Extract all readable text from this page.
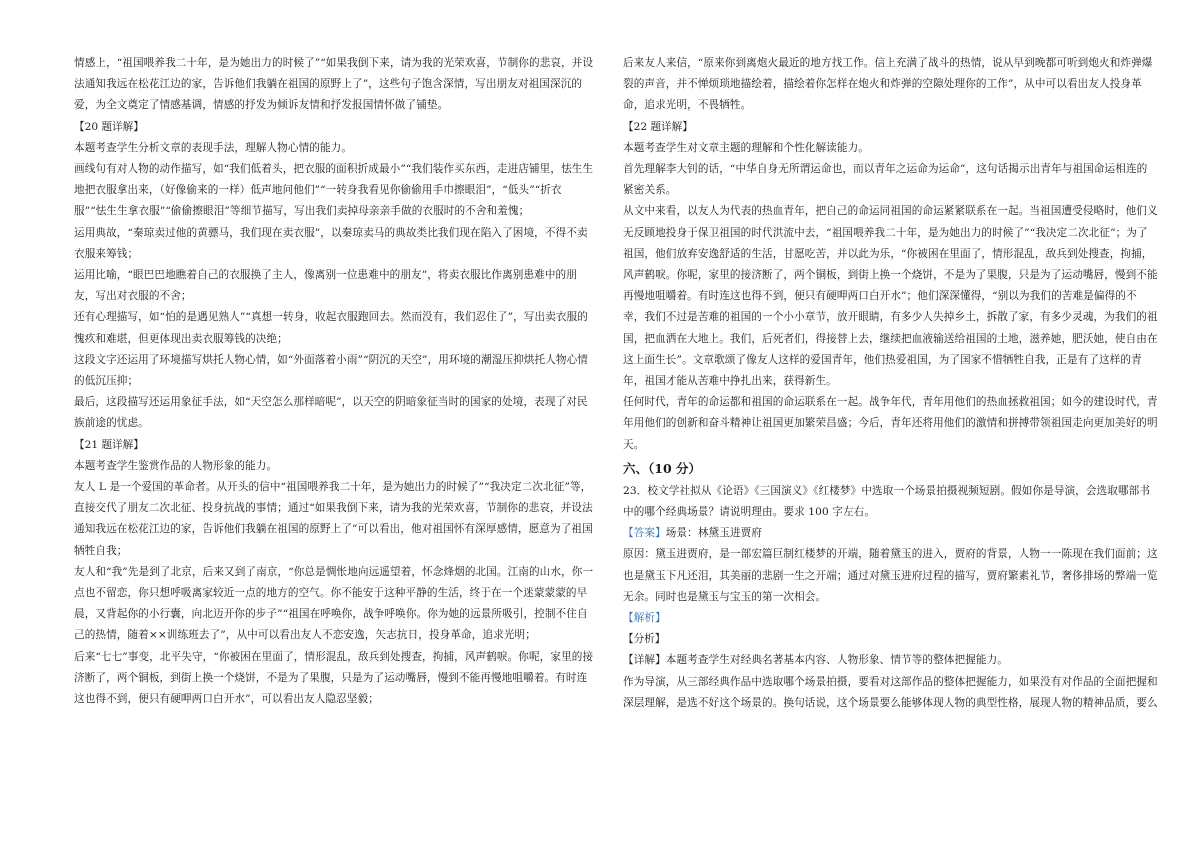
情感上，“祖国喂养我二十年，是为她出力的时候了”“如果我倒下来，请为我的光荣欢喜，节制你的悲哀，并设法通知我远在松花江边的家，告诉他们我躺在祖国的原野上了”，这些句子饱含深情，写出朋友对祖国深沉的爱，为全文奠定了情感基调，情感的抒发为倾诉友情和抒发报国情怀做了铺垫。

【20 题详解】

本题考查学生分析文章的表现手法，理解人物心情的能力。

画线句有对人物的动作描写，如“我们低着头，把衣服的面积折成最小”“我们装作买东西，走进店铺里，怯生生地把衣服拿出来，（好像偷来的一样）低声地问他们”“一转身我看见你偷偷用手巾擦眼泪”，“低头”“折衣服”“怯生生拿衣服”“偷偷擦眼泪”等细节描写，写出我们卖掉母亲亲手做的衣服时的不舍和羞愧；

运用典故，“秦琼卖过他的黄骠马，我们现在卖衣服”，以秦琼卖马的典故类比我们现在陷入了困境，不得不卖衣服来筹钱；

运用比喻，“眼巴巴地瞧着自己的衣服换了主人，像离别一位患难中的朋友”，将卖衣服比作离别患难中的朋友，写出对衣服的不舍；

还有心理描写，如“怕的是遇见熟人”“真想一转身，收起衣服跑回去。然而没有，我们忍住了”，写出卖衣服的愧疚和难堪，但更体现出卖衣服筹钱的决绝；

这段文字还运用了环境描写烘托人物心情，如“外面落着小雨”“阴沉的天空”，用环境的潮湿压抑烘托人物心情的低沉压抑；

最后，这段描写还运用象征手法，如“天空怎么那样暗呢”，以天空的阴暗象征当时的国家的处境，表现了对民族前途的忧虑。

【21 题详解】

本题考查学生鉴赏作品的人物形象的能力。

友人 L 是一个爱国的革命者。从开头的信中“祖国喂养我二十年，是为她出力的时候了”“我决定二次北征”等，直接交代了朋友二次北征、投身抗战的事情；通过“如果我倒下来，请为我的光荣欢喜，节制你的悲哀，并设法通知我远在松花江边的家，告诉他们我躺在祖国的原野上了”可以看出，他对祖国怀有深厚感情，愿意为了祖国牺牲自我；

友人和“我”先是到了北京，后来又到了南京，“你总是惆怅地向远遥望着，怀念烽烟的北国。江南的山水，你一点也不留恋，你只想呼吸离家较近一点的地方的空气。你不能安于这种平静的生活，终于在一个迷蒙蒙蒙的早晨，又背起你的小行囊，向北迈开你的步子”“祖国在呼唤你，战争呼唤你。你为她的远景所吸引，控制不住自己的热情，随着××训练班去了”，从中可以看出友人不恋安逸，矢志抗日，投身革命，追求光明；

后来“七七”事变，北平失守，“你被困在里面了，情形混乱，敌兵到处搜查，拘捕，风声鹤唳。你呢，家里的接济断了，两个铜板，到街上换一个烧饼，不是为了果腹，只是为了运动嘴唇，慢到不能再慢地咀嚼着。有时连这也得不到，便只有硬呷两口白开水”，可以看出友人隐忍坚毅；

后来友人来信，“原来你到离炮火最近的地方找工作。信上充满了战斗的热情，说从早到晚都可听到炮火和炸弹爆裂的声音，并不惮烦琐地描绘着，描绘着你怎样在炮火和炸弹的空隙处理你的工作”，从中可以看出友人投身革命，追求光明，不畏牺牲。

【22 题详解】

本题考查学生对文章主题的理解和个性化解读能力。

首先理解李大钊的话，“中华自身无所谓运命也，而以青年之运命为运命”，这句话揭示出青年与祖国命运相连的紧密关系。

从文中来看，以友人为代表的热血青年，把自己的命运同祖国的命运紧紧联系在一起。当祖国遭受侵略时，他们义无反顾地投身于保卫祖国的时代洪流中去，“祖国喂养我二十年，是为她出力的时候了”“我决定二次北征”；为了祖国，他们放弃安逸舒适的生活，甘愿吃苦，并以此为乐，“你被困在里面了，情形混乱，敌兵到处搜查，拘捕，风声鹤唳。你呢，家里的接济断了，两个铜板，到街上换一个烧饼，不是为了果腹，只是为了运动嘴唇，慢到不能再慢地咀嚼着。有时连这也得不到，便只有硬呷两口白开水”；他们深深懂得，“别以为我们的苦难是偏得的不幸，我们不过是苦难的祖国的一个小小章节，放开眼睛，有多少人失掉乡土，拆散了家，有多少灵魂，为我们的祖国，把血洒在大地上。我们，后死者们，得接替上去，继续把血液输送给祖国的土地，滋养她，肥沃她，使自由在这上面生长”。文章歌颂了像友人这样的爱国青年，他们热爱祖国，为了国家不惜牺牲自我，正是有了这样的青年，祖国才能从苦难中挣扎出来，获得新生。

任何时代，青年的命运都和祖国的命运联系在一起。战争年代，青年用他们的热血拯救祖国；如今的建设时代，青年用他们的创新和奋斗精神让祖国更加繁荣昌盛；今后，青年还将用他们的激情和拼搏带领祖国走向更加美好的明天。

六、（10 分）

23．校文学社拟从《论语》《三国演义》《红楼梦》中选取一个场景拍摄视频短剧。假如你是导演，会选取哪部书中的哪个经典场景？请说明理由。要求 100 字左右。

【答案】场景：林黛玉进贾府

原因：黛玉进贾府，是一部宏篇巨制红楼梦的开端，随着黛玉的进入，贾府的背景，人物一一陈现在我们面前；这也是黛玉下凡还泪，其美丽的悲剧一生之开端；通过对黛玉进府过程的描写，贾府繁素礼节，奢侈排场的弊端一览无余。同时也是黛玉与宝玉的第一次相会。

【解析】

【分析】

【详解】本题考查学生对经典名著基本内容、人物形象、情节等的整体把握能力。

作为导演，从三部经典作品中选取哪个场景拍摄，要看对这部作品的整体把握能力，如果没有对作品的全面把握和深层理解，是选不好这个场景的。换句话说，这个场景要么能够体现人物的典型性格，展现人物的精神品质，要么
